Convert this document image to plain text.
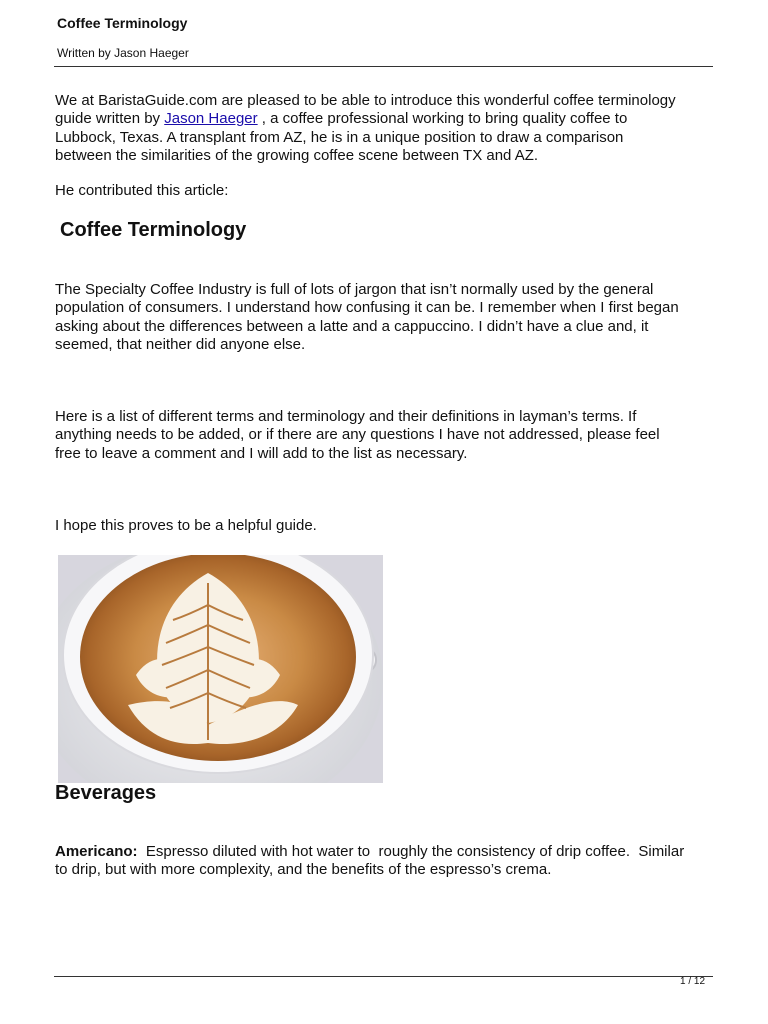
Coffee Terminology
Written by Jason Haeger
We at BaristaGuide.com are pleased to be able to introduce this wonderful coffee terminology
guide written by Jason Haeger , a coffee professional working to bring quality coffee to
Lubbock, Texas. A transplant from AZ, he is in a unique position to draw a comparison
between the similarities of the growing coffee scene between TX and AZ.
He contributed this article:
Coffee Terminology
The Specialty Coffee Industry is full of lots of jargon that isn’t normally used by the general
population of consumers. I understand how confusing it can be. I remember when I first began
asking about the differences between a latte and a cappuccino. I didn’t have a clue and, it
seemed, that neither did anyone else.
Here is a list of different terms and terminology and their definitions in layman’s terms. If
anything needs to be added, or if there are any questions I have not addressed, please feel
free to leave a comment and I will add to the list as necessary.
I hope this proves to be a helpful guide.
Beverages
Americano:  Espresso diluted with hot water to  roughly the consistency of drip coffee.  Similar
to drip, but with more complexity, and the benefits of the espresso’s crema.
1 / 12
